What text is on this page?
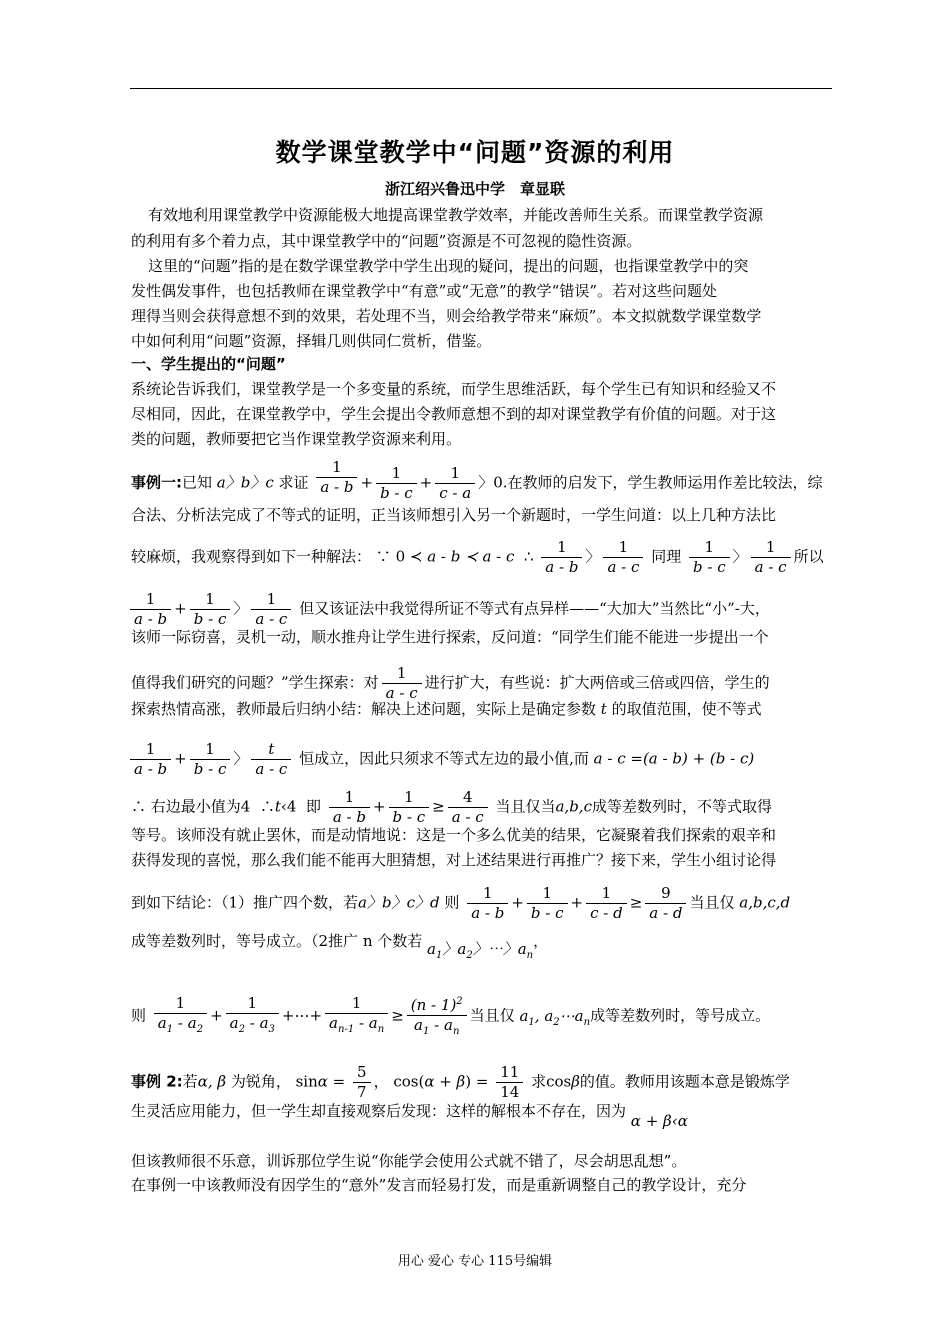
数学课堂教学中“问题”资源的利用
浙江绍兴鲁迅中学　章显联
有效地利用课堂教学中资源能极大地提高课堂教学效率，并能改善师生关系。而课堂教学资源
的利用有多个着力点，其中课堂教学中的“问题”资源是不可忽视的隐性资源。
这里的“问题”指的是在数学课堂教学中学生出现的疑问，提出的问题，也指课堂教学中的突
发性偶发事件，也包括教师在课堂教学中“有意”或“无意”的教学“错误”。若对这些问题处
理得当则会获得意想不到的效果，若处理不当，则会给教学带来“麻烦”。本文拟就数学课堂数学
中如何利用“问题”资源，择辑几则供同仁赏析，借鉴。
一、学生提出的“问题”
系统论告诉我们，课堂教学是一个多变量的系统，而学生思维活跃，每个学生已有知识和经验又不
尽相同，因此，在课堂教学中，学生会提出令教师意想不到的却对课堂教学有价值的问题。对于这
类的问题，教师要把它当作课堂教学资源来利用。
事例一:已知 a〉b〉c 求证 $\frac{1}{a - b} + \frac{1}{b - c} + \frac{1}{c - a}$ 〉0.在教师的启发下，学生教师运用作差比较法，综
合法、分析法完成了不等式的证明，正当该师想引入另一个新题时，一学生问道：以上几种方法比
较麻烦，我观察得到如下一种解法： ∵ 0 ≺ a - b ≺ a - c ∴ $\frac{1}{a - b}$ 〉 $\frac{1}{a - c}$ 同理 $\frac{1}{b - c}$ 〉 $\frac{1}{a - c}$ 所以
$\frac{1}{a - b} + \frac{1}{b - c}$ 〉 $\frac{1}{a - c}$ 但又该证法中我觉得所证不等式有点异样——“大加大”当然比“小”-大，
该师一际窃喜，灵机一动，顺水推舟让学生进行探索，反问道：“同学生们能不能进一步提出一个
值得我们研究的问题？”学生探索：对 $\frac{1}{a - c}$ 进行扩大，有些说：扩大两倍或三倍或四倍，学生的
探索热情高涨，教师最后归纳小结：解决上述问题，实际上是确定参数 t 的取值范围，使不等式
$\frac{1}{a - b} + \frac{1}{b - c}$ 〉 $\frac{t}{a - c}$ 恒成立，因此只须求不等式左边的最小值,而 a - c =(a - b) + (b - c)
∴ 右边最小值为4 ∴t‹4 即 $\frac{1}{a - b} + \frac{1}{b - c} \ge \frac{4}{a - c}$ 当且仅当a,b,c成等差数列时，不等式取得
等号。该师没有就止罢休，而是动情地说：这是一个多么优美的结果，它凝聚着我们探索的艰辛和
获得发现的喜悦，那么我们能不能再大胆猜想，对上述结果进行再推广？接下来，学生小组讨论得
到如下结论：（1）推广四个数，若a〉b〉c〉d 则 $\frac{1}{a - b} + \frac{1}{b - c} + \frac{1}{c - d} \ge \frac{9}{a - d}$ 当且仅 a,b,c,d
成等差数列时，等号成立。（2推广 n 个数若 $a_1$〉$a_2$〉⋯〉$a_n$，
则 $\frac{1}{a_1 - a_2} + \frac{1}{a_2 - a_3}$ +⋯+ $\frac{1}{a_{n-1} - a_n} \ge \frac{(n - 1)^2}{a_1 - a_n}$ 当且仅 $a_1$, $a_2\cdots a_n$成等差数列时，等号成立。
事例 2:若α, β 为锐角， $\sin\alpha = \frac{5}{7}$ ， $\cos(\alpha + \beta) = \frac{11}{14}$ 求cosβ的值。教师用该题本意是锻炼学
生灵活应用能力，但一学生却直接观察后发现：这样的解根本不存在，因为 α + β‹α
但该教师很不乐意，训诉那位学生说“你能学会使用公式就不错了，尽会胡思乱想”。
在事例一中该教师没有因学生的“意外”发言而轻易打发，而是重新调整自己的教学设计，充分
用心 爱心 专心 115号编辑
